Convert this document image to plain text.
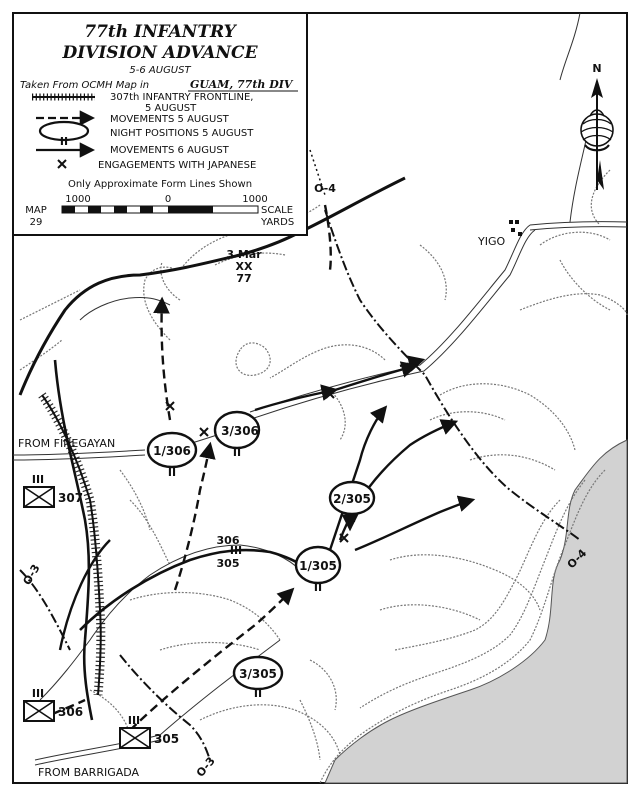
1/306
II
3/306
II
2/305
II
1/305
II
3/305
II
III
307
III
306
III
305
3 Mar
XX
77
306
III
305
O-4
O-4
O-3
O-3
YIGO
FROM FINEGAYAN
FROM BARRIGADA
N
77th INFANTRY
DIVISION ADVANCE
5-6 AUGUST
Taken From OCMH Map in	GUAM, 77th DIV
307th INFANTRY FRONTLINE,
5 AUGUST
MOVEMENTS 5 AUGUST
II
NIGHT POSITIONS 5 AUGUST
MOVEMENTS 6 AUGUST
ENGAGEMENTS WITH JAPANESE
Only Approximate Form Lines Shown
1000	0	1000
SCALE
YARDS
MAP
29
